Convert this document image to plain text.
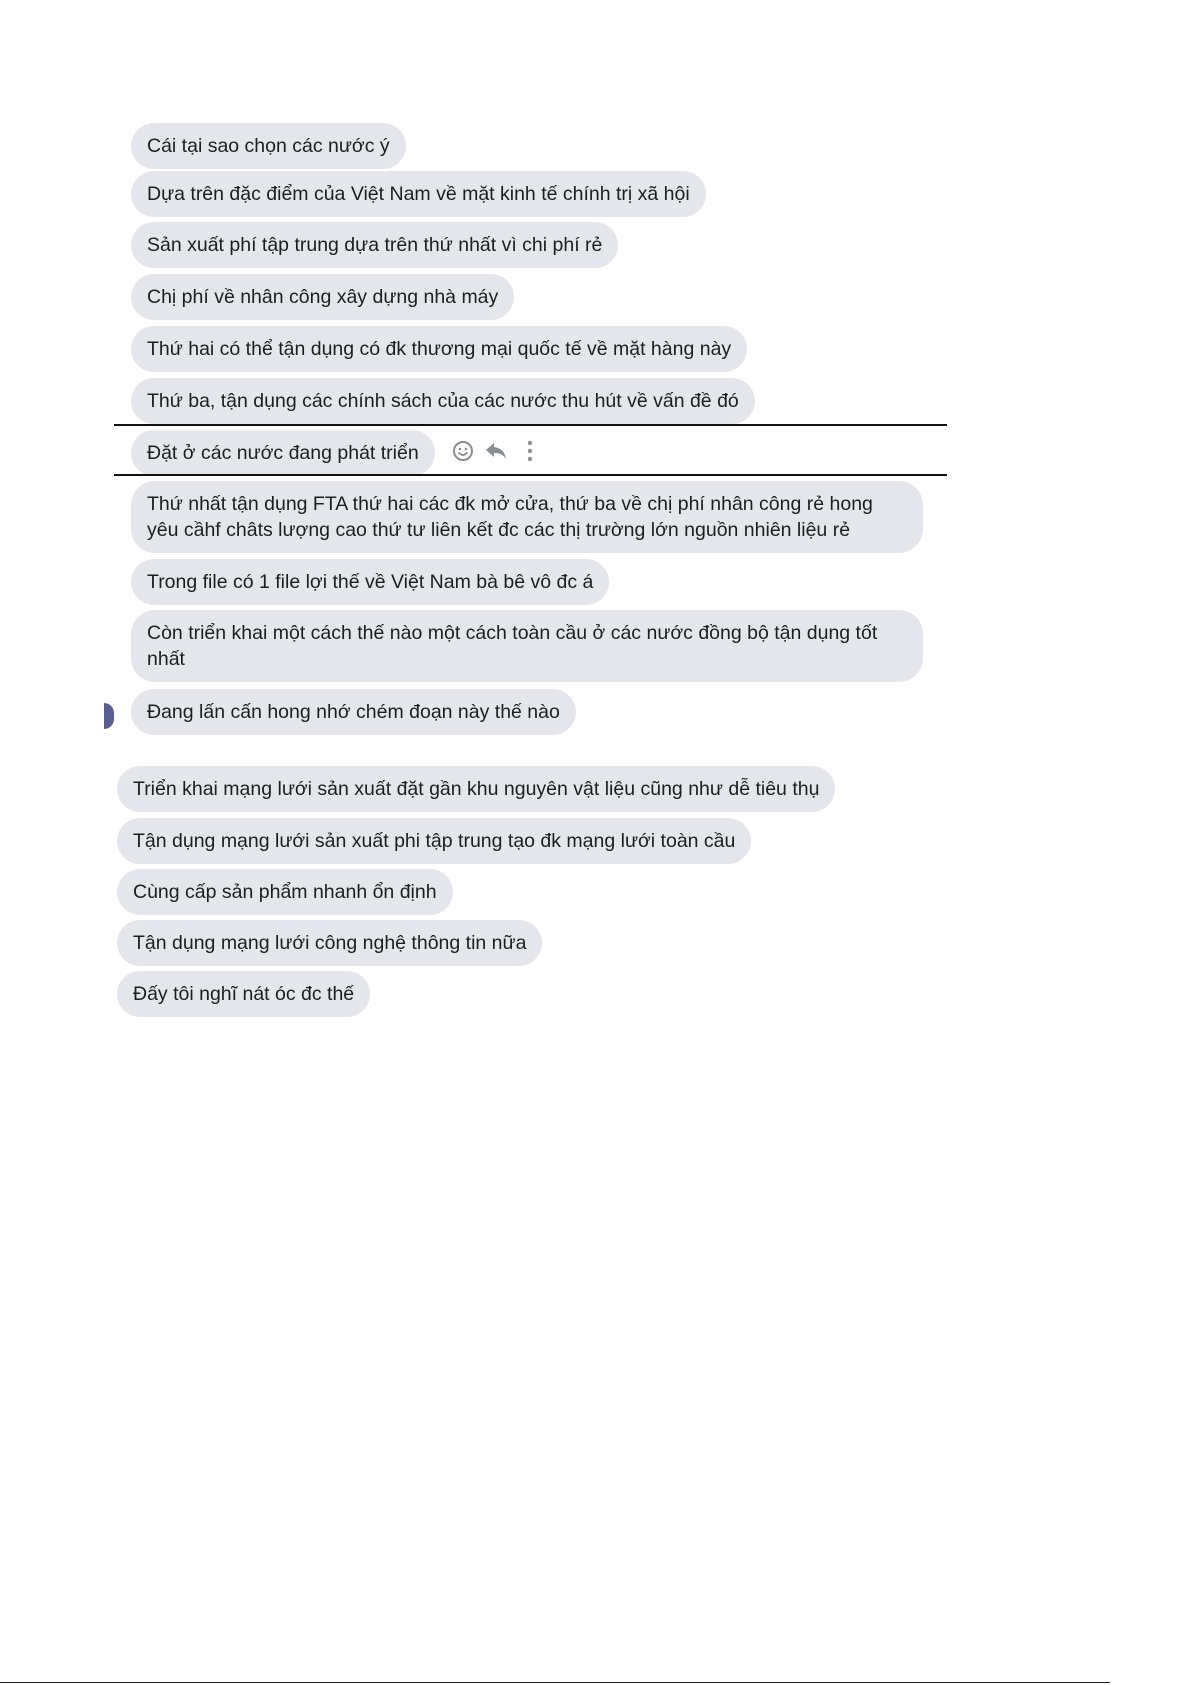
Cái tại sao chọn các nước ý
Dựa trên đặc điểm của Việt Nam về mặt kinh tế chính trị xã hội
Sản xuất phí tập trung dựa trên thứ nhất vì chi phí rẻ
Chị phí về nhân công xây dựng nhà máy
Thứ hai có thể tận dụng có đk thương mại quốc tế về mặt hàng này
Thứ ba, tận dụng các chính sách của các nước thu hút về vấn đề đó
Đặt ở các nước đang phát triển
Thứ nhất tận dụng FTA thứ hai các đk mở cửa, thứ ba về chị phí nhân công rẻ hong yêu cầhf châts lượng cao thứ tư liên kết đc các thị trường lớn nguồn nhiên liệu rẻ
Trong file có 1 file lợi thế về Việt Nam bà bê vô đc á
Còn triển khai một cách thế nào một cách toàn cầu ở các nước đồng bộ tận dụng tốt nhất
Đang lấn cấn hong nhớ chém đoạn này thế nào
Triển khai mạng lưới sản xuất đặt gần khu nguyên vật liệu cũng như dễ tiêu thụ
Tận dụng mạng lưới sản xuất phi tập trung tạo đk mạng lưới toàn cầu
Cùng cấp sản phẩm nhanh ổn định
Tận dụng mạng lưới công nghệ thông tin nữa
Đấy tôi nghĩ nát óc đc thế
